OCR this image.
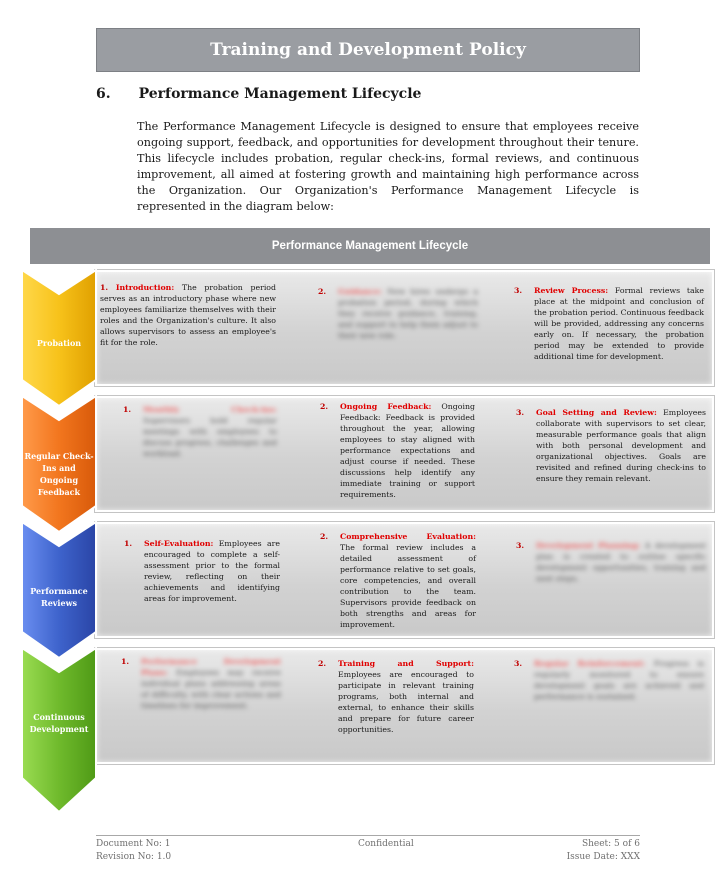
Training and Development Policy
6. Performance Management Lifecycle

The Performance Management Lifecycle is designed to ensure that employees receive ongoing support, feedback, and opportunities for development throughout their tenure. This lifecycle includes probation, regular check-ins, formal reviews, and continuous improvement, all aimed at fostering growth and maintaining high performance across the Organization. Our Organization's Performance Management Lifecycle is represented in the diagram below:

Performance Management Lifecycle
Probation
Regular Check-Ins and Ongoing Feedback
Performance Reviews
Continuous Development
1. Introduction: The probation period serves as an introductory phase where new employees familiarize themselves with their roles and the Organization's culture. It also allows supervisors to assess an employee's fit for the role.
2. Guidance: New hires undergo a probation period, during which they receive guidance, training, and support to help them adjust to their new role.
3. Review Process: Formal reviews take place at the midpoint and conclusion of the probation period. Continuous feedback will be provided, addressing any concerns early on. If necessary, the probation period may be extended to provide additional time for development.
1. Monthly Check-ins: Supervisors hold regular meetings with employees to discuss progress, challenges and workload.
2. Ongoing Feedback: Ongoing Feedback: Feedback is provided throughout the year, allowing employees to stay aligned with performance expectations and adjust course if needed. These discussions help identify any immediate training or support requirements.
3. Goal Setting and Review: Employees collaborate with supervisors to set clear, measurable performance goals that align with both personal development and organizational objectives. Goals are revisited and refined during check-ins to ensure they remain relevant.
1. Self-Evaluation: Employees are encouraged to complete a self-assessment prior to the formal review, reflecting on their achievements and identifying areas for improvement.
2. Comprehensive Evaluation: The formal review includes a detailed assessment of performance relative to set goals, core competencies, and overall contribution to the team. Supervisors provide feedback on both strengths and areas for improvement.
3. Development Planning: A development plan is created to outline specific development opportunities, training and next steps.
1. Performance Development Plans: Employees may receive individual plans addressing areas of difficulty, with clear actions and timelines for improvement.
2. Training and Support: Employees are encouraged to participate in relevant training programs, both internal and external, to enhance their skills and prepare for future career opportunities.
3. Regular Reinforcement: Progress is regularly monitored to ensure development goals are achieved and performance is sustained.
Document No: 1
Revision No: 1.0
Confidential	Sheet: 5 of 6
Issue Date: XXX
